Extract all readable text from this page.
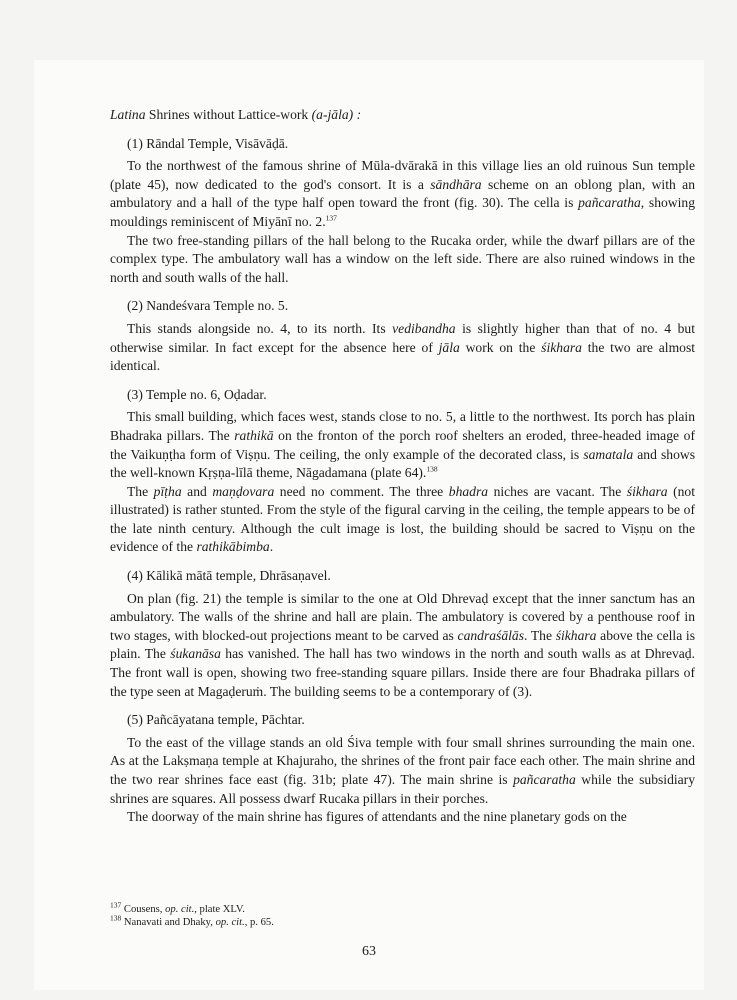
Latina Shrines without Lattice-work (a-jāla) :

(1) Rāndal Temple, Visāvāḍā.

To the northwest of the famous shrine of Mūla-dvārakā in this village lies an old ruinous Sun temple (plate 45), now dedicated to the god's consort. It is a sāndhāra scheme on an oblong plan, with an ambulatory and a hall of the type half open toward the front (fig. 30). The cella is pañcaratha, showing mouldings reminiscent of Miyānī no. 2.$^{137}$

The two free-standing pillars of the hall belong to the Rucaka order, while the dwarf pillars are of the complex type. The ambulatory wall has a window on the left side. There are also ruined windows in the north and south walls of the hall.

(2) Nandeśvara Temple no. 5.

This stands alongside no. 4, to its north. Its vedibandha is slightly higher than that of no. 4 but otherwise similar. In fact except for the absence here of jāla work on the śikhara the two are almost identical.

(3) Temple no. 6, Oḍadar.

This small building, which faces west, stands close to no. 5, a little to the northwest. Its porch has plain Bhadraka pillars. The rathikā on the fronton of the porch roof shelters an eroded, three-headed image of the Vaikuṇṭha form of Viṣṇu. The ceiling, the only example of the decorated class, is samatala and shows the well-known Kṛṣṇa-līlā theme, Nāgadamana (plate 64).$^{138}$

The pīṭha and maṇḍovara need no comment. The three bhadra niches are vacant. The śikhara (not illustrated) is rather stunted. From the style of the figural carving in the ceiling, the temple appears to be of the late ninth century. Although the cult image is lost, the building should be sacred to Viṣṇu on the evidence of the rathikābimba.

(4) Kālikā mātā temple, Dhrāsaṇavel.

On plan (fig. 21) the temple is similar to the one at Old Dhrevaḍ except that the inner sanctum has an ambulatory. The walls of the shrine and hall are plain. The ambulatory is covered by a penthouse roof in two stages, with blocked-out projections meant to be carved as candraśālās. The śikhara above the cella is plain. The śukanāsa has vanished. The hall has two windows in the north and south walls as at Dhrevaḍ. The front wall is open, showing two free-standing square pillars. Inside there are four Bhadraka pillars of the type seen at Magaḍeruṁ. The building seems to be a contemporary of (3).

(5) Pañcāyatana temple, Pāchtar.

To the east of the village stands an old Śiva temple with four small shrines surrounding the main one. As at the Lakṣmaṇa temple at Khajuraho, the shrines of the front pair face each other. The main shrine and the two rear shrines face east (fig. 31b; plate 47). The main shrine is pañcaratha while the subsidiary shrines are squares. All possess dwarf Rucaka pillars in their porches.

The doorway of the main shrine has figures of attendants and the nine planetary gods on the

$^{137}$ Cousens, op. cit., plate XLV.

$^{138}$ Nanavati and Dhaky, op. cit., p. 65.

63
